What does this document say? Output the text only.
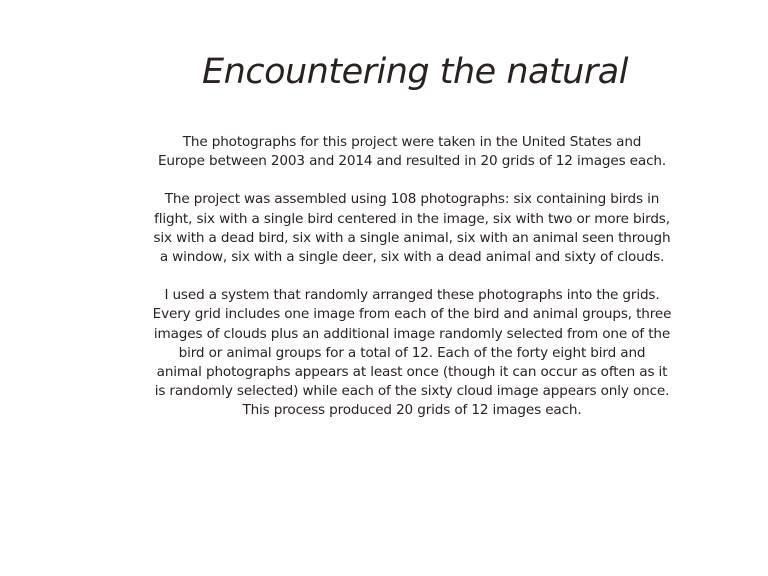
Encountering the natural

The photographs for this project were taken in the United States and
Europe between 2003 and 2014 and resulted in 20 grids of 12 images each.

The project was assembled using 108 photographs: six containing birds in
flight, six with a single bird centered in the image, six with two or more birds,
six with a dead bird, six with a single animal, six with an animal seen through
a window, six with a single deer, six with a dead animal and sixty of clouds.

I used a system that randomly arranged these photographs into the grids.
Every grid includes one image from each of the bird and animal groups, three
images of clouds plus an additional image randomly selected from one of the
bird or animal groups for a total of 12. Each of the forty eight bird and
animal photographs appears at least once (though it can occur as often as it
is randomly selected) while each of the sixty cloud image appears only once.
This process produced 20 grids of 12 images each.
